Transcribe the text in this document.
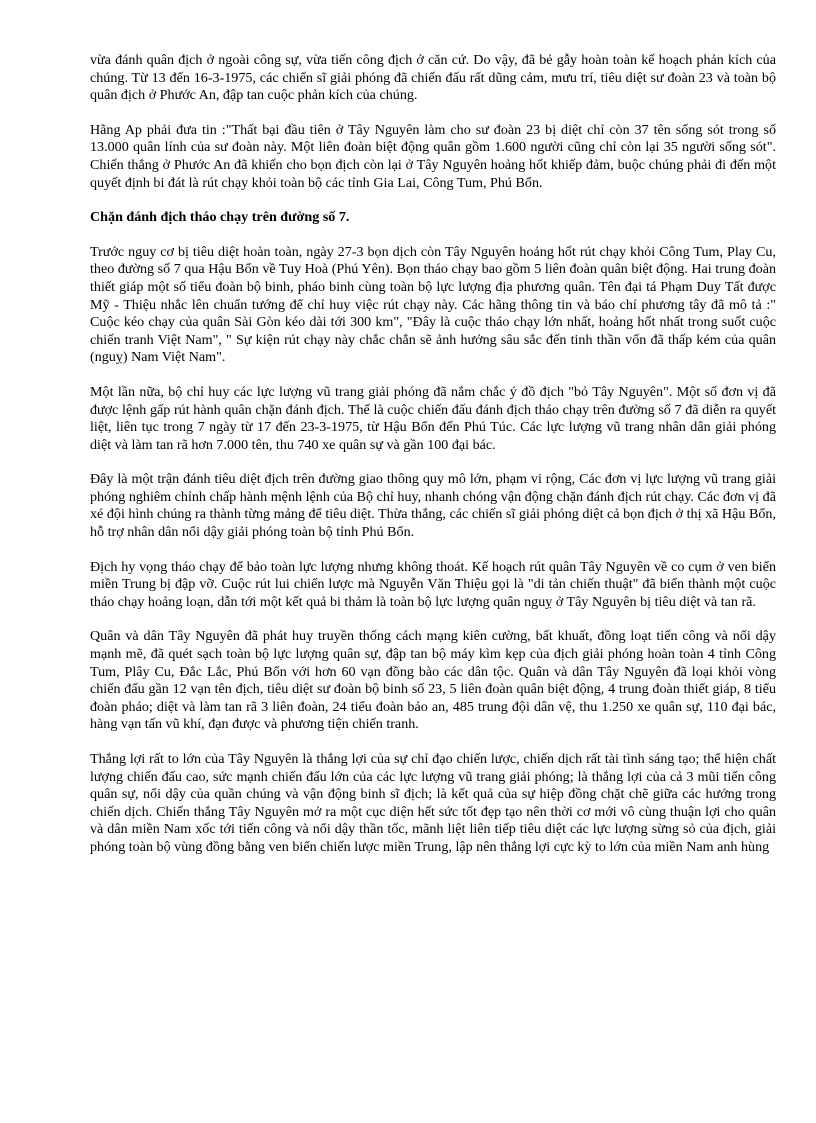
vừa đánh quân địch ở ngoài công sự, vừa tiến công địch ở căn cứ. Do vậy, đã bẻ gẫy hoàn toàn kế hoạch phản kích của chúng. Từ 13 đến 16-3-1975, các chiến sĩ giải phóng đã chiến đấu rất dũng cảm, mưu trí, tiêu diệt sư đoàn 23 và toàn bộ quân địch ở Phước An, đập tan cuộc phản kích của chúng.

Hãng Ap phải đưa tin :"Thất bại đầu tiên ở Tây Nguyên làm cho sư đoàn 23 bị diệt chỉ còn 37 tên sống sót trong số 13.000 quân lính của sư đoàn này. Một liên đoàn biệt động quân gồm 1.600 người cũng chỉ còn lại 35 người sống sót". Chiến thắng ở Phước An đã khiến cho bọn địch còn lại ở Tây Nguyên hoảng hốt khiếp đảm, buộc chúng phải đi đến một quyết định bi đát là rút chạy khỏi toàn bộ các tỉnh Gia Lai, Công Tum, Phú Bổn.

Chặn đánh địch tháo chạy trên đường số 7.

Trước nguy cơ bị tiêu diệt hoàn toàn, ngày 27-3 bọn dịch còn Tây Nguyên hoảng hốt rút chạy khỏi Công Tum, Play Cu, theo đường số 7 qua Hậu Bổn về Tuy Hoà (Phú Yên). Bọn tháo chạy bao gồm 5 liên đoàn quân biệt động. Hai trung đoàn thiết giáp một số tiểu đoàn bộ binh, pháo binh cùng toàn bộ lực lượng địa phương quân. Tên đại tá Phạm Duy Tất được Mỹ - Thiệu nhắc lên chuẩn tướng để chỉ huy việc rút chạy này. Các hãng thông tin và báo chí phương tây đã mô tả :" Cuộc kéo chạy của quân Sài Gòn kéo dài tới 300 km", "Đây là cuộc tháo chạy lớn nhất, hoảng hốt nhất trong suốt cuộc chiến tranh Việt Nam", " Sự kiện rút chạy này chắc chắn sẽ ảnh hưởng sâu sắc đến tinh thần vốn đã thấp kém của quân (nguỵ) Nam Việt Nam".

Một lần nữa, bộ chỉ huy các lực lượng vũ trang giải phóng đã nắm chắc ý đồ địch "bỏ Tây Nguyên". Một số đơn vị đã được lệnh gấp rút hành quân chặn đánh địch. Thế là cuộc chiến đấu đánh địch tháo chạy trên đường số 7 đã diễn ra quyết liệt, liên tục trong 7 ngày từ 17 đến 23-3-1975, từ Hậu Bổn đến Phú Túc. Các lực lượng vũ trang nhân dân giải phóng diệt và làm tan rã hơn 7.000 tên, thu 740 xe quân sự và gần 100 đại bác.

Đây là một trận đánh tiêu diệt địch trên đường giao thông quy mô lớn, phạm vi rộng, Các đơn vị lực lượng vũ trang giải phóng nghiêm chỉnh chấp hành mệnh lệnh của Bộ chỉ huy, nhanh chóng vận động chặn đánh địch rút chạy. Các đơn vị đã xé đội hình chúng ra thành từng mảng để tiêu diệt. Thừa thắng, các chiến sĩ giải phóng diệt cả bọn địch ở thị xã Hậu Bổn, hỗ trợ nhân dân nổi dậy giải phóng toàn bộ tỉnh Phú Bổn.

Địch hy vọng tháo chạy để bảo toàn lực lượng nhưng không thoát. Kế hoạch rút quân Tây Nguyên về co cụm ở ven biển miền Trung bị đập vỡ. Cuộc rút lui chiến lược mà Nguyễn Văn Thiệu gọi là "di tản chiến thuật" đã biến thành một cuộc tháo chạy hoảng loạn, dẫn tới một kết quả bi thảm là toàn bộ lực lượng quân nguỵ ở Tây Nguyên bị tiêu diệt và tan rã.

Quân và dân Tây Nguyên đã phát huy truyền thống cách mạng kiên cường, bất khuất, đồng loạt tiến công và nổi dậy mạnh mẽ, đã quét sạch toàn bộ lực lượng quân sự, đập tan bộ máy kìm kẹp của địch giải phóng hoàn toàn 4 tỉnh Công Tum, Plây Cu, Đắc Lắc, Phú Bổn với hơn 60 vạn đồng bào các dân tộc. Quân và dân Tây Nguyên đã loại khỏi vòng chiến đấu gần 12 vạn tên địch, tiêu diệt sư đoàn bộ binh số 23, 5 liên đoàn quân biệt động, 4 trung đoàn thiết giáp, 8 tiểu đoàn pháo; diệt và làm tan rã 3 liên đoàn, 24 tiểu đoàn bảo an, 485 trung đội dân vệ, thu 1.250 xe quân sự, 110 đại bác, hàng vạn tấn vũ khí, đạn được và phương tiện chiến tranh.

Thắng lợi rất to lớn của Tây Nguyên là thắng lợi của sự chỉ đạo chiến lược, chiến dịch rất tài tình sáng tạo; thể hiện chất lượng chiến đấu cao, sức mạnh chiến đấu lớn của các lực lượng vũ trang giải phóng; là thắng lợi của cả 3 mũi tiến công quân sự, nổi dậy của quần chúng và vận động binh sĩ địch; là kết quả của sự hiệp đồng chặt chẽ giữa các hướng trong chiến dịch. Chiến thắng Tây Nguyên mở ra một cục diện hết sức tốt đẹp tạo nên thời cơ mới vô cùng thuận lợi cho quân và dân miền Nam xốc tới tiến công và nổi dậy thần tốc, mãnh liệt liên tiếp tiêu diệt các lực lượng sừng sỏ của địch, giải phóng toàn bộ vùng đồng bằng ven biển chiến lược miền Trung, lập nên thắng lợi cực kỳ to lớn của miền Nam anh hùng
